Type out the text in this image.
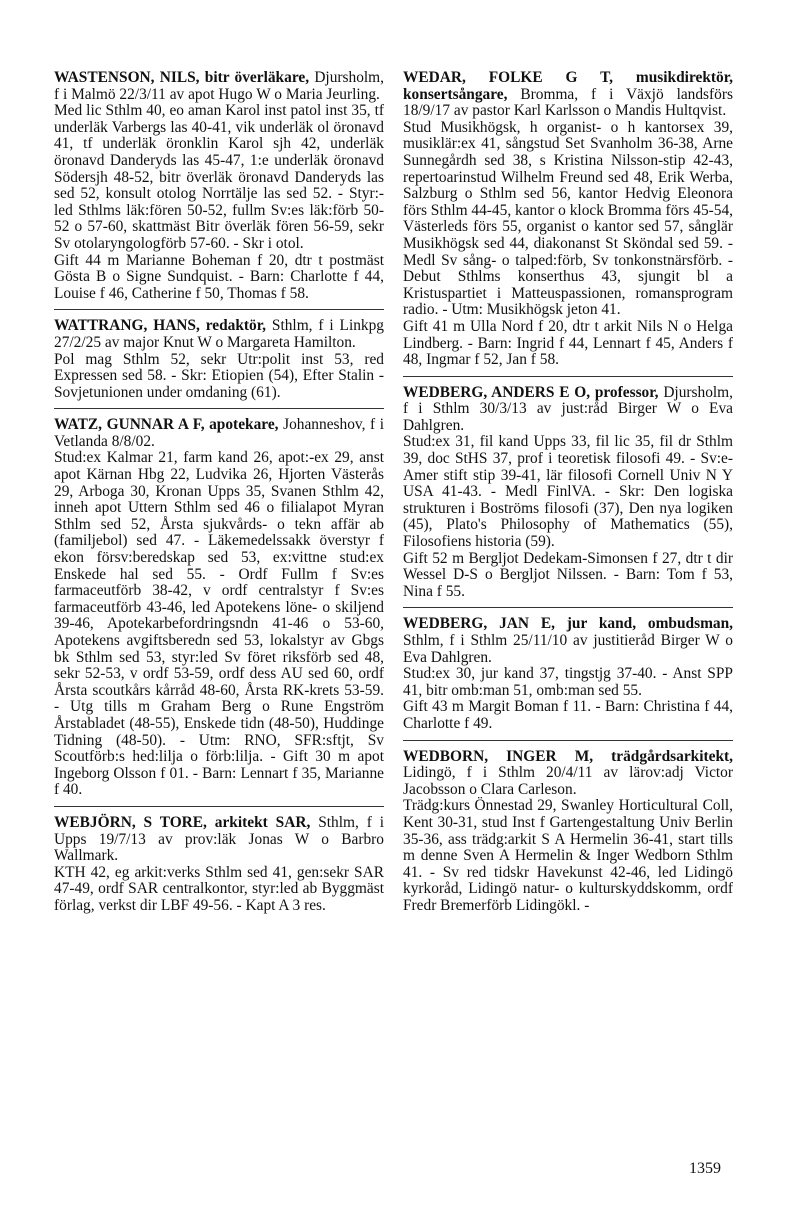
WASTENSON, NILS, bitr överläkare, Djursholm, f i Malmö 22/3/11 av apot Hugo W o Maria Jeurling.

Med lic Sthlm 40, eo aman Karol inst patol inst 35, tf underläk Varbergs las 40-41, vik underläk ol öronavd 41, tf underläk öronklin Karol sjh 42, underläk öronavd Danderyds las 45-47, 1:e underläk öronavd Södersjh 48-52, bitr överläk öronavd Danderyds las sed 52, konsult otolog Norrtälje las sed 52. - Styr:-led Sthlms läk:fören 50-52, fullm Sv:es läk:förb 50-52 o 57-60, skattmäst Bitr överläk fören 56-59, sekr Sv otolaryngologförb 57-60. - Skr i otol.

Gift 44 m Marianne Boheman f 20, dtr t postmäst Gösta B o Signe Sundquist. - Barn: Charlotte f 44, Louise f 46, Catherine f 50, Thomas f 58.

WATTRANG, HANS, redaktör, Sthlm, f i Linkpg 27/2/25 av major Knut W o Margareta Hamilton.

Pol mag Sthlm 52, sekr Utr:polit inst 53, red Expressen sed 58. - Skr: Etiopien (54), Efter Stalin - Sovjetunionen under omdaning (61).

WATZ, GUNNAR A F, apotekare, Johanneshov, f i Vetlanda 8/8/02.

Stud:ex Kalmar 21, farm kand 26, apot:-ex 29, anst apot Kärnan Hbg 22, Ludvika 26, Hjorten Västerås 29, Arboga 30, Kronan Upps 35, Svanen Sthlm 42, inneh apot Uttern Sthlm sed 46 o filialapot Myran Sthlm sed 52, Årsta sjukvårds- o tekn affär ab (familjebol) sed 47. - Läkemedelssakk överstyr f ekon försv:beredskap sed 53, ex:vittne stud:ex Enskede hal sed 55. - Ordf Fullm f Sv:es farmaceutförb 38-42, v ordf centralstyr f Sv:es farmaceutförb 43-46, led Apotekens löne- o skiljend 39-46, Apotekarbefordringsndn 41-46 o 53-60, Apotekens avgiftsberedn sed 53, lokalstyr av Gbgs bk Sthlm sed 53, styr:led Sv föret riksförb sed 48, sekr 52-53, v ordf 53-59, ordf dess AU sed 60, ordf Årsta scoutkårs kårråd 48-60, Årsta RK-krets 53-59. - Utg tills m Graham Berg o Rune Engström Årstabladet (48-55), Enskede tidn (48-50), Huddinge Tidning (48-50). - Utm: RNO, SFR:sftjt, Sv Scoutförb:s hed:lilja o förb:lilja. - Gift 30 m apot Ingeborg Olsson f 01. - Barn: Lennart f 35, Marianne f 40.

WEBJÖRN, S TORE, arkitekt SAR, Sthlm, f i Upps 19/7/13 av prov:läk Jonas W o Barbro Wallmark.

KTH 42, eg arkit:verks Sthlm sed 41, gen:sekr SAR 47-49, ordf SAR centralkontor, styr:led ab Byggmäst förlag, verkst dir LBF 49-56. - Kapt A 3 res.

WEDAR, FOLKE G T, musikdirektör, konsertsångare, Bromma, f i Växjö landsförs 18/9/17 av pastor Karl Karlsson o Mandis Hultqvist.

Stud Musikhögsk, h organist- o h kantorsex 39, musiklär:ex 41, sångstud Set Svanholm 36-38, Arne Sunnegårdh sed 38, s Kristina Nilsson-stip 42-43, repertoarinstud Wilhelm Freund sed 48, Erik Werba, Salzburg o Sthlm sed 56, kantor Hedvig Eleonora förs Sthlm 44-45, kantor o klock Bromma förs 45-54, Västerleds förs 55, organist o kantor sed 57, sånglär Musikhögsk sed 44, diakonanst St Sköndal sed 59. - Medl Sv sång- o talped:förb, Sv tonkonstnärsförb. - Debut Sthlms konserthus 43, sjungit bl a Kristuspartiet i Matteuspassionen, romansprogram radio. - Utm: Musikhögsk jeton 41.

Gift 41 m Ulla Nord f 20, dtr t arkit Nils N o Helga Lindberg. - Barn: Ingrid f 44, Lennart f 45, Anders f 48, Ingmar f 52, Jan f 58.

WEDBERG, ANDERS E O, professor, Djursholm, f i Sthlm 30/3/13 av just:råd Birger W o Eva Dahlgren.

Stud:ex 31, fil kand Upps 33, fil lic 35, fil dr Sthlm 39, doc StHS 37, prof i teoretisk filosofi 49. - Sv:e-Amer stift stip 39-41, lär filosofi Cornell Univ N Y USA 41-43. - Medl FinlVA. - Skr: Den logiska strukturen i Boströms filosofi (37), Den nya logiken (45), Plato's Philosophy of Mathematics (55), Filosofiens historia (59).

Gift 52 m Bergljot Dedekam-Simonsen f 27, dtr t dir Wessel D-S o Bergljot Nilssen. - Barn: Tom f 53, Nina f 55.

WEDBERG, JAN E, jur kand, ombudsman, Sthlm, f i Sthlm 25/11/10 av justitieråd Birger W o Eva Dahlgren.

Stud:ex 30, jur kand 37, tingstjg 37-40. - Anst SPP 41, bitr omb:man 51, omb:man sed 55.

Gift 43 m Margit Boman f 11. - Barn: Christina f 44, Charlotte f 49.

WEDBORN, INGER M, trädgårdsarkitekt, Lidingö, f i Sthlm 20/4/11 av lärov:adj Victor Jacobsson o Clara Carleson.

Trädg:kurs Önnestad 29, Swanley Horticultural Coll, Kent 30-31, stud Inst f Gartengestaltung Univ Berlin 35-36, ass trädg:arkit S A Hermelin 36-41, start tills m denne Sven A Hermelin & Inger Wedborn Sthlm 41. - Sv red tidskr Havekunst 42-46, led Lidingö kyrkoråd, Lidingö natur- o kulturskyddskomm, ordf Fredr Bremerförb Lidingökl. -

1359
